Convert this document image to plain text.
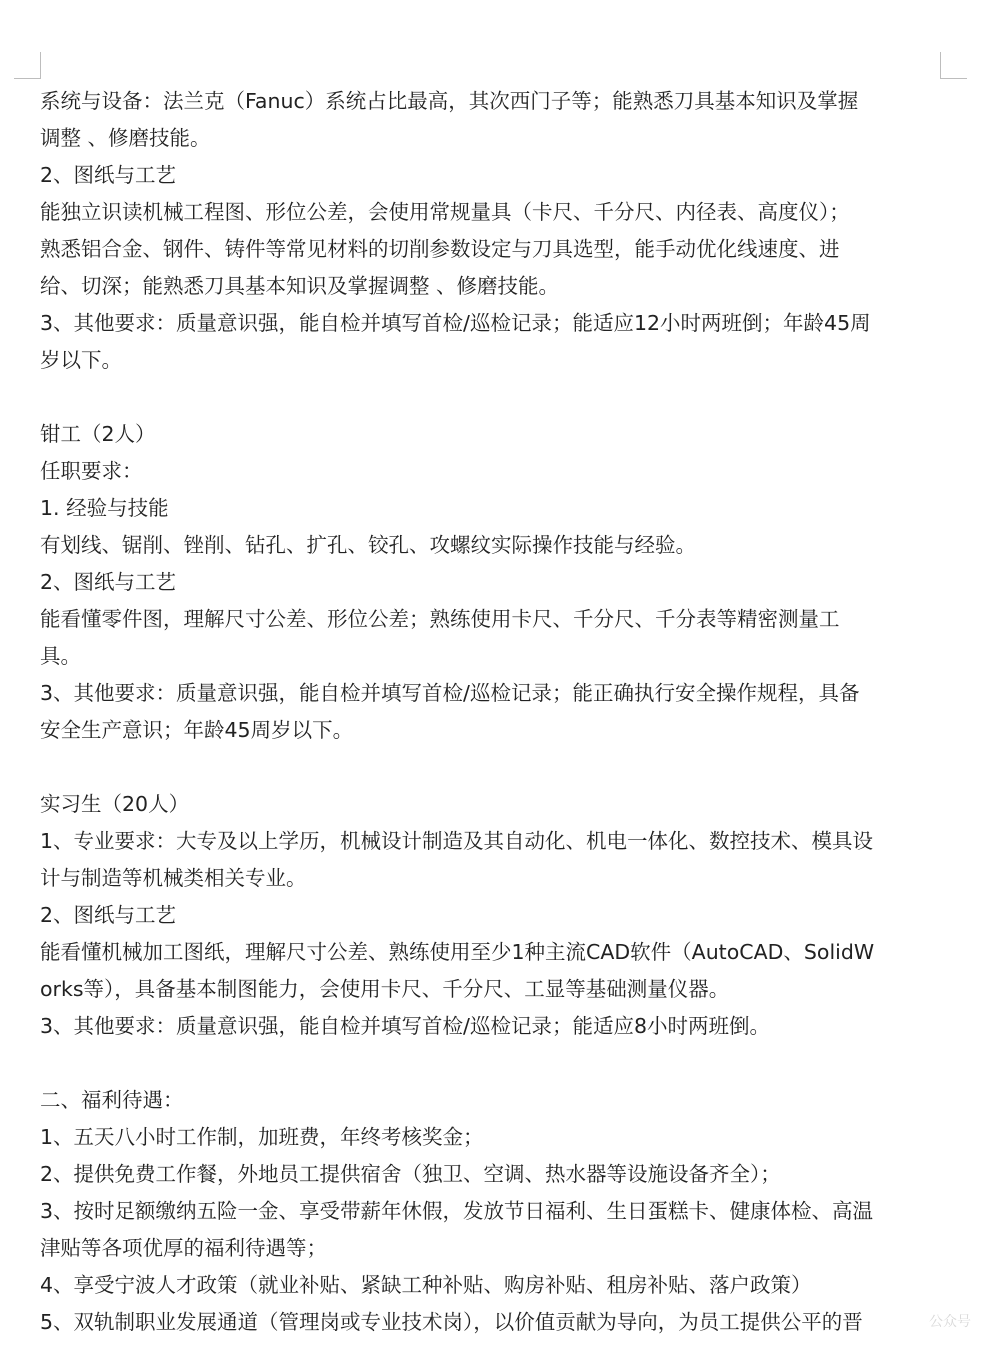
系统与设备：法兰克（Fanuc）系统占比最高，其次西门子等；能熟悉刀具基本知识及掌握
调整 、修磨技能。
2、图纸与工艺
能独立识读机械工程图、形位公差，会使用常规量具（卡尺、千分尺、内径表、高度仪）；
熟悉铝合金、钢件、铸件等常见材料的切削参数设定与刀具选型，能手动优化线速度、进
给、切深；能熟悉刀具基本知识及掌握调整 、修磨技能。
3、其他要求：质量意识强，能自检并填写首检/巡检记录；能适应12小时两班倒；年龄45周
岁以下。
钳工（2人）
任职要求：
1. 经验与技能
有划线、锯削、锉削、钻孔、扩孔、铰孔、攻螺纹实际操作技能与经验。
2、图纸与工艺
能看懂零件图，理解尺寸公差、形位公差；熟练使用卡尺、千分尺、千分表等精密测量工
具。
3、其他要求：质量意识强，能自检并填写首检/巡检记录；能正确执行安全操作规程，具备
安全生产意识；年龄45周岁以下。
实习生（20人）
1、专业要求：大专及以上学历，机械设计制造及其自动化、机电一体化、数控技术、模具设
计与制造等机械类相关专业。
2、图纸与工艺
能看懂机械加工图纸，理解尺寸公差、熟练使用至少1种主流CAD软件（AutoCAD、SolidW
orks等），具备基本制图能力，会使用卡尺、千分尺、工显等基础测量仪器。
3、其他要求：质量意识强，能自检并填写首检/巡检记录；能适应8小时两班倒。
二、福利待遇：
1、五天八小时工作制，加班费，年终考核奖金；
2、提供免费工作餐，外地员工提供宿舍（独卫、空调、热水器等设施设备齐全）；
3、按时足额缴纳五险一金、享受带薪年休假，发放节日福利、生日蛋糕卡、健康体检、高温
津贴等各项优厚的福利待遇等；
4、享受宁波人才政策（就业补贴、紧缺工种补贴、购房补贴、租房补贴、落户政策）
5、双轨制职业发展通道（管理岗或专业技术岗），以价值贡献为导向，为员工提供公平的晋	公众号
